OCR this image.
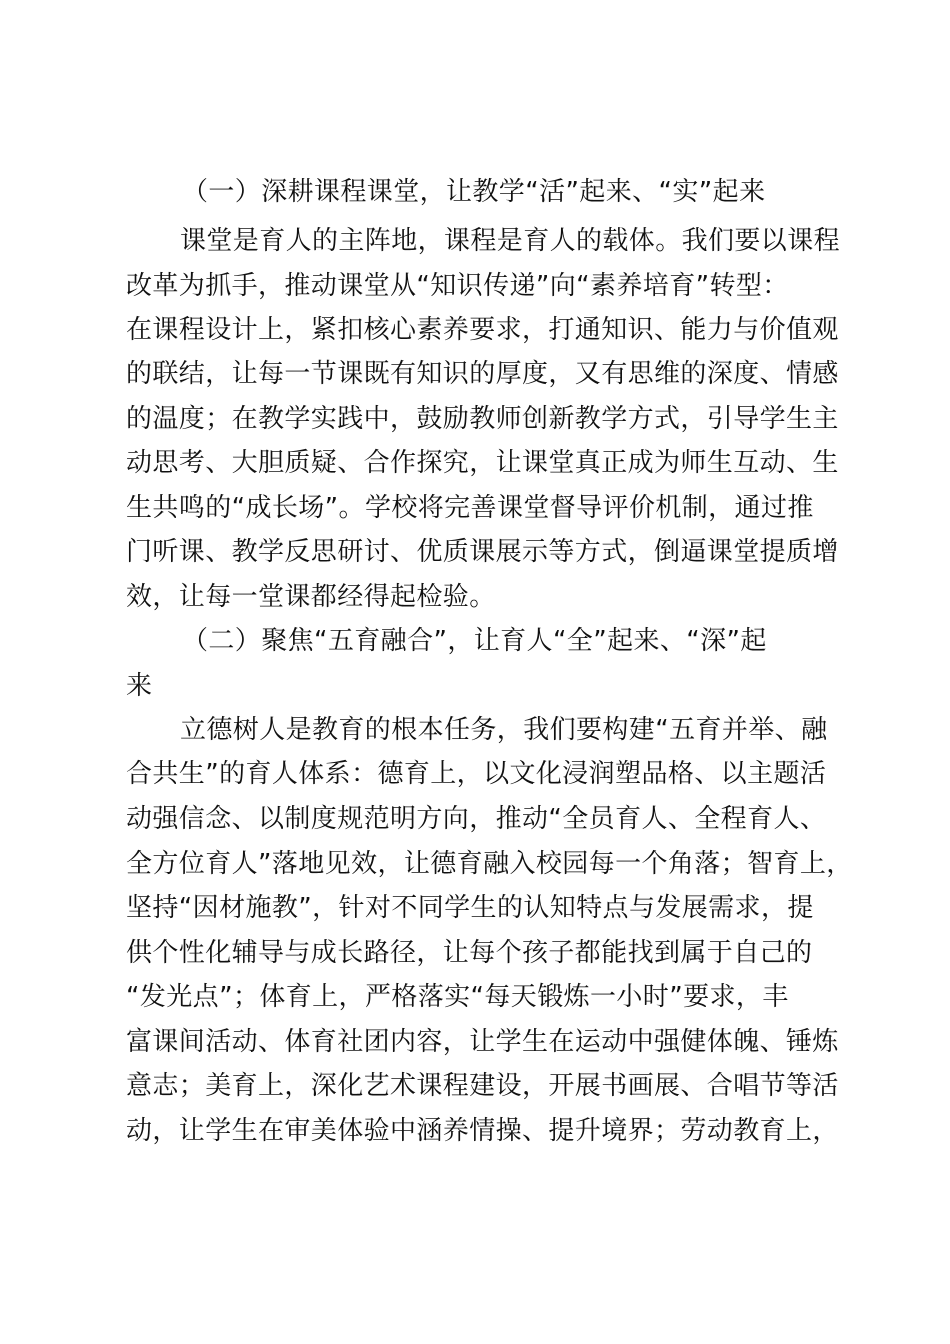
（一）深耕课程课堂，让教学“活”起来、“实”起来
课堂是育人的主阵地，课程是育人的载体。我们要以课程
改革为抓手，推动课堂从“知识传递”向“素养培育”转型：
在课程设计上，紧扣核心素养要求，打通知识、能力与价值观
的联结，让每一节课既有知识的厚度，又有思维的深度、情感
的温度；在教学实践中，鼓励教师创新教学方式，引导学生主
动思考、大胆质疑、合作探究，让课堂真正成为师生互动、生
生共鸣的“成长场”。学校将完善课堂督导评价机制，通过推
门听课、教学反思研讨、优质课展示等方式，倒逼课堂提质增
效，让每一堂课都经得起检验。
（二）聚焦“五育融合”，让育人“全”起来、“深”起
来
立德树人是教育的根本任务，我们要构建“五育并举、融
合共生”的育人体系：德育上，以文化浸润塑品格、以主题活
动强信念、以制度规范明方向，推动“全员育人、全程育人、
全方位育人”落地见效，让德育融入校园每一个角落；智育上，
坚持“因材施教”，针对不同学生的认知特点与发展需求，提
供个性化辅导与成长路径，让每个孩子都能找到属于自己的
“发光点”；体育上，严格落实“每天锻炼一小时”要求，丰
富课间活动、体育社团内容，让学生在运动中强健体魄、锤炼
意志；美育上，深化艺术课程建设，开展书画展、合唱节等活
动，让学生在审美体验中涵养情操、提升境界；劳动教育上，
